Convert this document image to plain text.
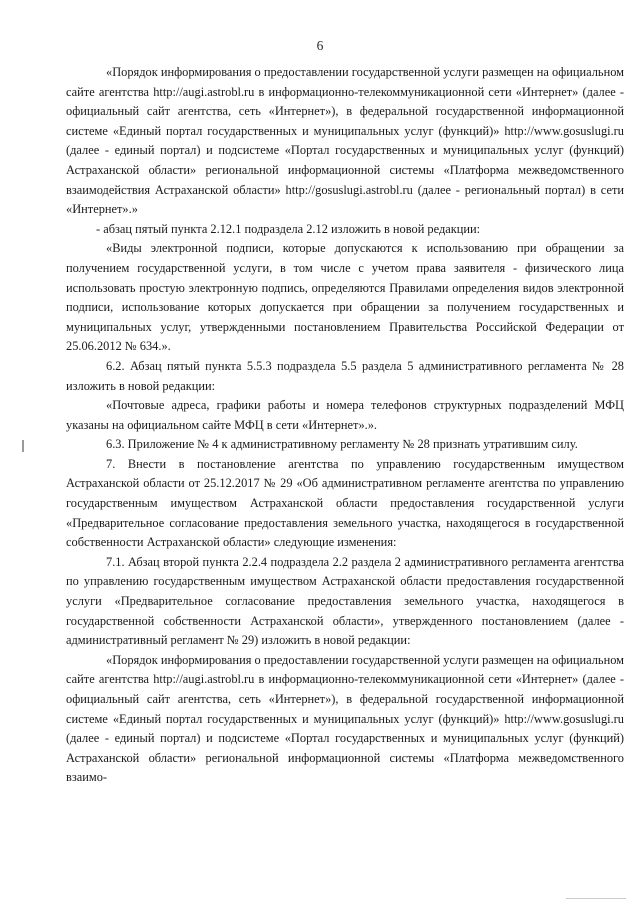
6

«Порядок информирования о предоставлении государственной услуги размещен на официальном сайте агентства http://augi.astrobl.ru в информационно-телекоммуникационной сети «Интернет» (далее - официальный сайт агентства, сеть «Интернет»), в федеральной государственной информационной системе «Единый портал государственных и муниципальных услуг (функций)» http://www.gosuslugi.ru (далее - единый портал) и подсистеме «Портал государственных и муниципальных услуг (функций) Астраханской области» региональной информационной системы «Платформа межведомственного взаимодействия Астраханской области» http://gosuslugi.astrobl.ru (далее - региональный портал) в сети «Интернет».»

- абзац пятый пункта 2.12.1 подраздела 2.12 изложить в новой редакции:

«Виды электронной подписи, которые допускаются к использованию при обращении за получением государственной услуги, в том числе с учетом права заявителя - физического лица использовать простую электронную подпись, определяются Правилами определения видов электронной подписи, использование которых допускается при обращении за получением государственных и муниципальных услуг, утвержденными постановлением Правительства Российской Федерации от 25.06.2012 № 634.».

6.2. Абзац пятый пункта 5.5.3 подраздела 5.5 раздела 5 административного регламента № 28 изложить в новой редакции:

«Почтовые адреса, графики работы и номера телефонов структурных подразделений МФЦ указаны на официальном сайте МФЦ в сети «Интернет».».

6.3. Приложение № 4 к административному регламенту № 28 признать утратившим силу.

7. Внести в постановление агентства по управлению государственным имуществом Астраханской области от 25.12.2017 № 29 «Об административном регламенте агентства по управлению государственным имуществом Астраханской области предоставления государственной услуги «Предварительное согласование предоставления земельного участка, находящегося в государственной собственности Астраханской области» следующие изменения:

7.1. Абзац второй пункта 2.2.4 подраздела 2.2 раздела 2 административного регламента агентства по управлению государственным имуществом Астраханской области предоставления государственной услуги «Предварительное согласование предоставления земельного участка, находящегося в государственной собственности Астраханской области», утвержденного постановлением (далее - административный регламент № 29) изложить в новой редакции:

«Порядок информирования о предоставлении государственной услуги размещен на официальном сайте агентства http://augi.astrobl.ru в информационно-телекоммуникационной сети «Интернет» (далее - официальный сайт агентства, сеть «Интернет»), в федеральной государственной информационной системе «Единый портал государственных и муниципальных услуг (функций)» http://www.gosuslugi.ru (далее - единый портал) и подсистеме «Портал государственных и муниципальных услуг (функций) Астраханской области» региональной информационной системы «Платформа межведомственного взаимо-
